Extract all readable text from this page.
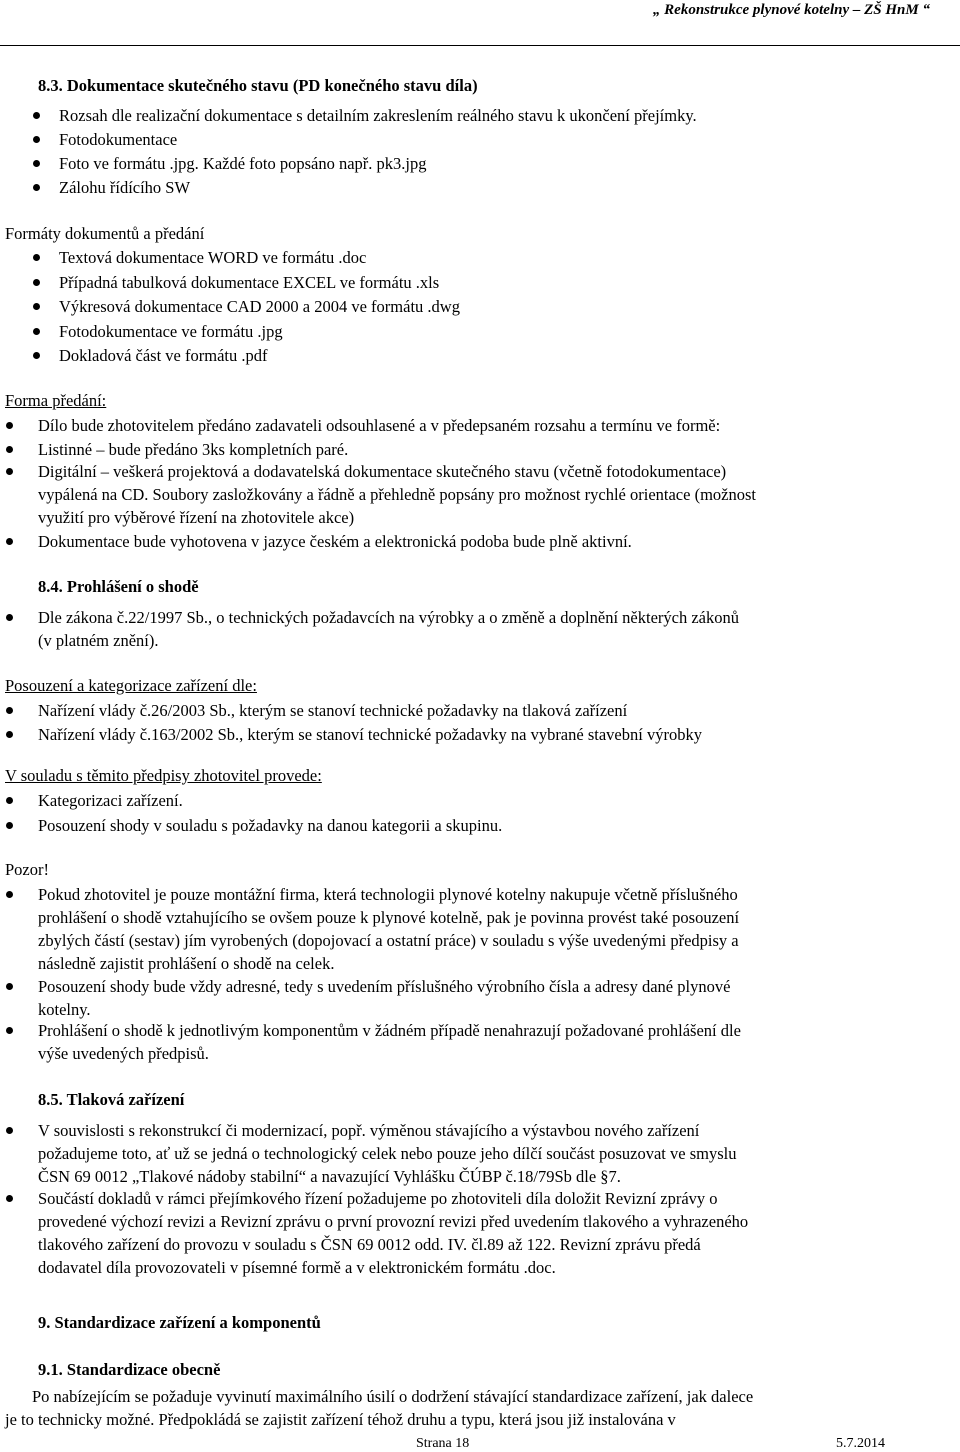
„ Rekonstrukce plynové kotelny – ZŠ HnM “
8.3. Dokumentace skutečného stavu (PD konečného stavu díla)
Rozsah dle realizační dokumentace s detailním zakreslením reálného stavu k ukončení přejímky.
Fotodokumentace
Foto ve formátu .jpg. Každé foto popsáno např. pk3.jpg
Zálohu řídícího SW
Formáty dokumentů a předání
Textová dokumentace WORD ve formátu .doc
Případná tabulková dokumentace EXCEL ve formátu .xls
Výkresová dokumentace CAD 2000 a 2004 ve formátu .dwg
Fotodokumentace ve formátu .jpg
Dokladová část ve formátu .pdf
Forma předání:
Dílo bude zhotovitelem předáno zadavateli odsouhlasené a v předepsaném rozsahu a termínu ve formě:
Listinné – bude předáno 3ks kompletních paré.
Digitální – veškerá projektová a dodavatelská dokumentace skutečného stavu (včetně fotodokumentace)
vypálená na CD. Soubory zasložkovány a řádně a přehledně popsány pro možnost rychlé orientace (možnost
využití pro výběrové řízení na zhotovitele akce)
Dokumentace bude vyhotovena v jazyce českém a elektronická podoba bude plně aktivní.
8.4. Prohlášení o shodě
Dle zákona č.22/1997 Sb., o technických požadavcích na výrobky a o změně a doplnění některých zákonů
(v platném znění).
Posouzení a kategorizace zařízení dle:
Nařízení vlády č.26/2003 Sb., kterým se stanoví technické požadavky na tlaková zařízení
Nařízení vlády č.163/2002 Sb., kterým se stanoví technické požadavky na vybrané stavební výrobky
V souladu s těmito předpisy zhotovitel provede:
Kategorizaci zařízení.
Posouzení shody v souladu s požadavky na danou kategorii a skupinu.
Pozor!
Pokud zhotovitel je pouze montážní firma, která technologii plynové kotelny nakupuje včetně příslušného
prohlášení o shodě vztahujícího se ovšem pouze k plynové kotelně, pak je povinna provést také posouzení
zbylých částí (sestav) jím vyrobených (dopojovací a ostatní práce) v souladu s výše uvedenými předpisy a
následně zajistit prohlášení o shodě na celek.
Posouzení shody bude vždy adresné, tedy s uvedením příslušného výrobního čísla a adresy dané plynové
kotelny.
Prohlášení o shodě k jednotlivým komponentům v žádném případě nenahrazují požadované prohlášení dle
výše uvedených předpisů.
8.5. Tlaková zařízení
V souvislosti s rekonstrukcí či modernizací, popř. výměnou stávajícího a výstavbou nového zařízení
požadujeme toto, ať už se jedná o technologický celek nebo pouze jeho dílčí součást posuzovat ve smyslu
ČSN 69 0012 „Tlakové nádoby stabilní“ a navazující Vyhlášku ČÚBP č.18/79Sb dle §7.
Součástí dokladů v rámci přejímkového řízení požadujeme po zhotoviteli díla doložit Revizní zprávy o
provedené výchozí revizi a Revizní zprávu o první provozní revizi před uvedením tlakového a vyhrazeného
tlakového zařízení do provozu v souladu s ČSN 69 0012 odd. IV. čl.89 až 122. Revizní zprávu předá
dodavatel díla provozovateli v písemné formě a v elektronickém formátu .doc.
9. Standardizace zařízení a komponentů
9.1. Standardizace obecně
Po nabízejícím se požaduje vyvinutí maximálního úsilí o dodržení stávající standardizace zařízení, jak dalece
je to technicky možné. Předpokládá se zajistit zařízení téhož druhu a typu, která jsou již instalována v
Strana 18	5.7.2014
